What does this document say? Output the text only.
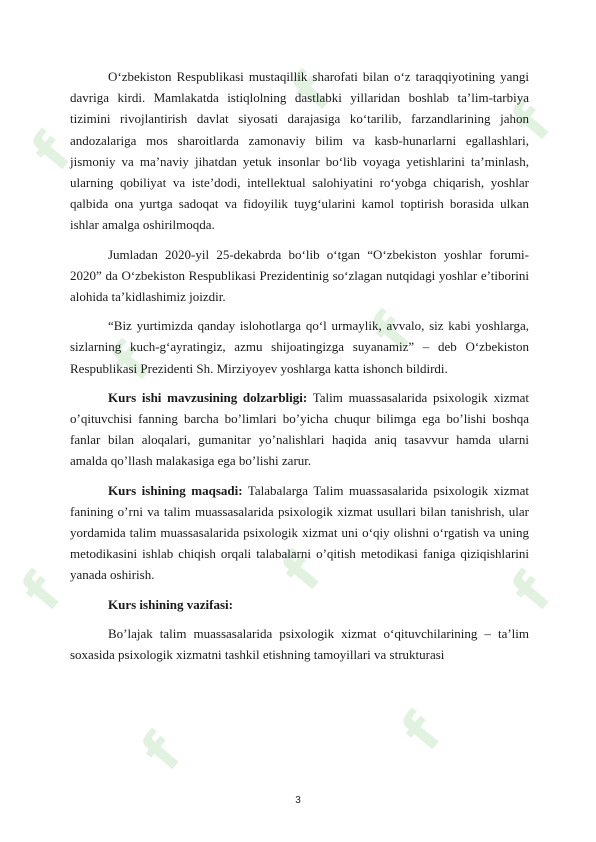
f
f	f
f	f
f	f	f
f	f

O‘zbekiston Respublikasi mustaqillik sharofati bilan o‘z taraqqiyotining yangi davriga kirdi. Mamlakatda istiqlolning dastlabki yillaridan boshlab ta’lim-tarbiya tizimini rivojlantirish davlat siyosati darajasiga ko‘tarilib, farzandlarining jahon andozalariga mos sharoitlarda zamonaviy bilim va kasb-hunarlarni egallashlari, jismoniy va ma’naviy jihatdan yetuk insonlar bo‘lib voyaga yetishlarini ta’minlash, ularning qobiliyat va iste’dodi, intellektual salohiyatini ro‘yobga chiqarish, yoshlar qalbida ona yurtga sadoqat va fidoyilik tuyg‘ularini kamol toptirish borasida ulkan ishlar amalga oshirilmoqda.

Jumladan 2020-yil 25-dekabrda bo‘lib o‘tgan “O‘zbekiston yoshlar forumi-2020” da O‘zbekiston Respublikasi Prezidentinig so‘zlagan nutqidagi yoshlar e’tiborini alohida ta’kidlashimiz joizdir.

“Biz yurtimizda qanday islohotlarga qo‘l urmaylik, avvalo, siz kabi yoshlarga, sizlarning kuch-g‘ayratingiz, azmu shijoatingizga suyanamiz” – deb O‘zbekiston Respublikasi Prezidenti Sh. Mirziyoyev yoshlarga katta ishonch bildirdi.

Kurs ishi mavzusining dolzarbligi: Talim muassasalarida psixologik xizmat o’qituvchisi fanning barcha bo’limlari bo’yicha chuqur bilimga ega bo’lishi boshqa fanlar bilan aloqalari, gumanitar yo’nalishlari haqida aniq tasavvur hamda ularni amalda qo’llash malakasiga ega bo’lishi zarur.

Kurs ishining maqsadi: Talabalarga Talim muassasalarida psixologik xizmat fanining o’rni va talim muassasalarida psixologik xizmat usullari bilan tanishrish, ular yordamida talim muassasalarida psixologik xizmat uni o‘qiy olishni o‘rgatish va uning metodikasini ishlab chiqish orqali talabalarni o’qitish metodikasi faniga qiziqishlarini yanada oshirish.

Kurs ishining vazifasi:

Bo’lajak talim muassasalarida psixologik xizmat o‘qituvchilarining – ta’lim soxasida psixologik xizmatni tashkil etishning tamoyillari va strukturasi

3
